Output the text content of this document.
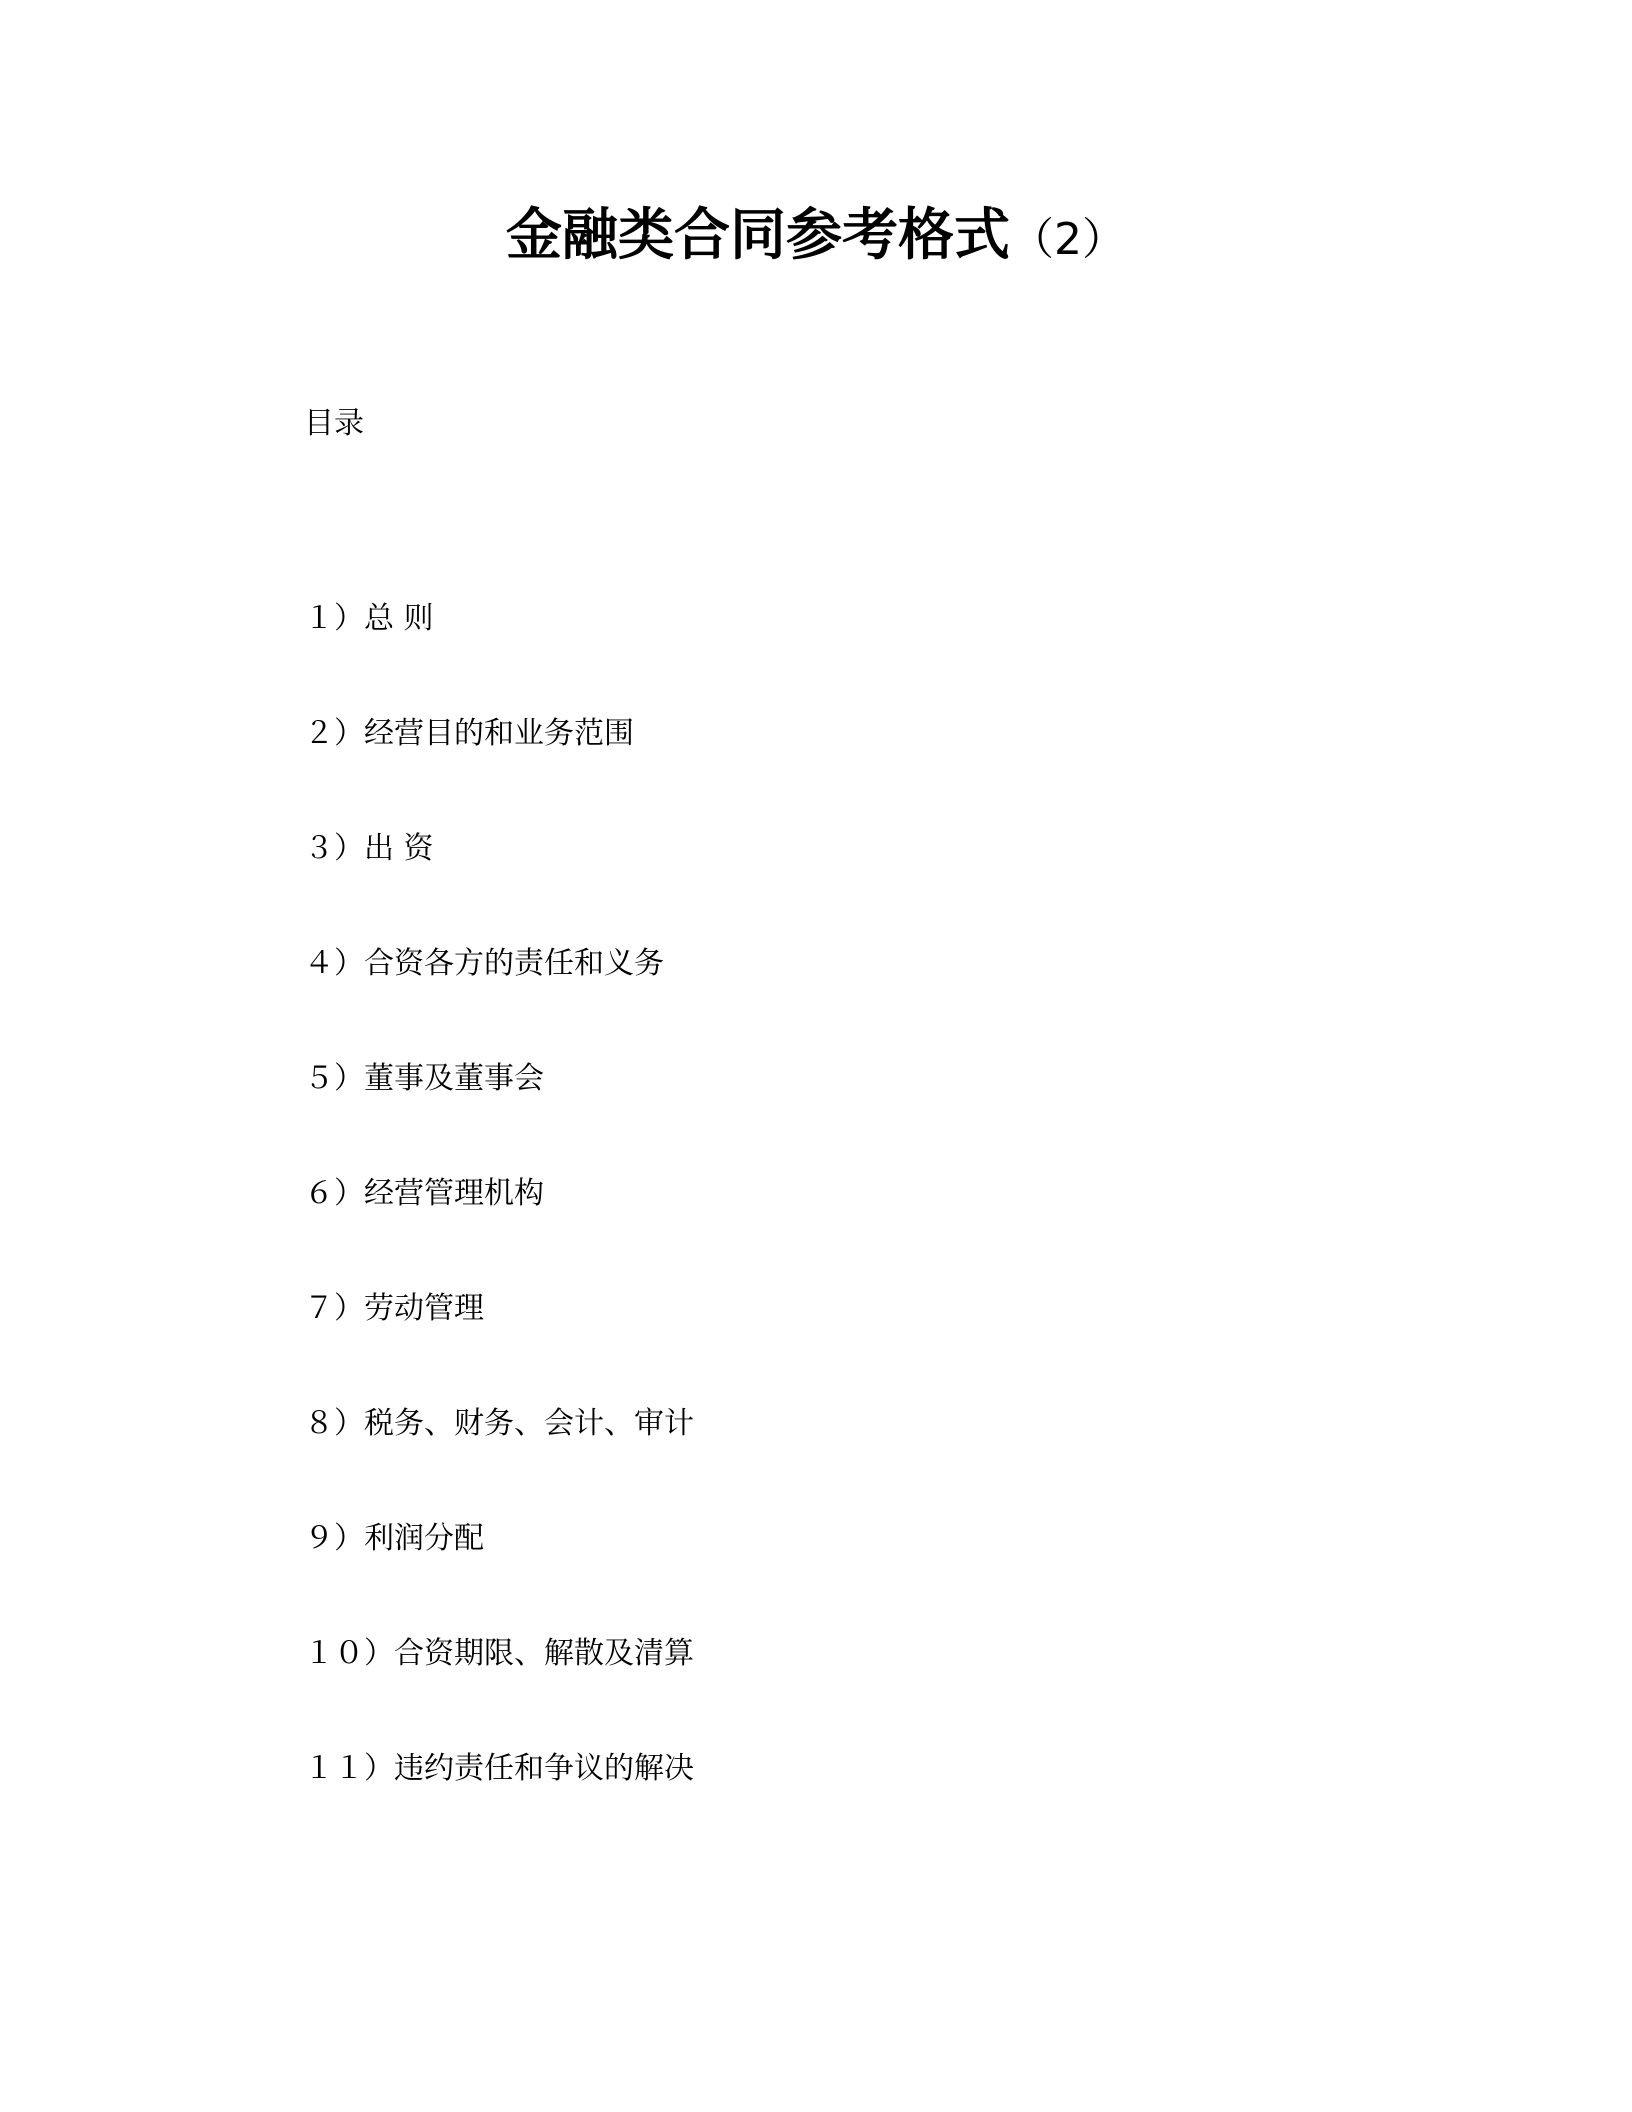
金融类合同参考格式（2）
目录
１）总 则
２）经营目的和业务范围
３）出 资
４）合资各方的责任和义务
５）董事及董事会
６）经营管理机构
７）劳动管理
８）税务、财务、会计、审计
９）利润分配
１０）合资期限、解散及清算
１１）违约责任和争议的解决
